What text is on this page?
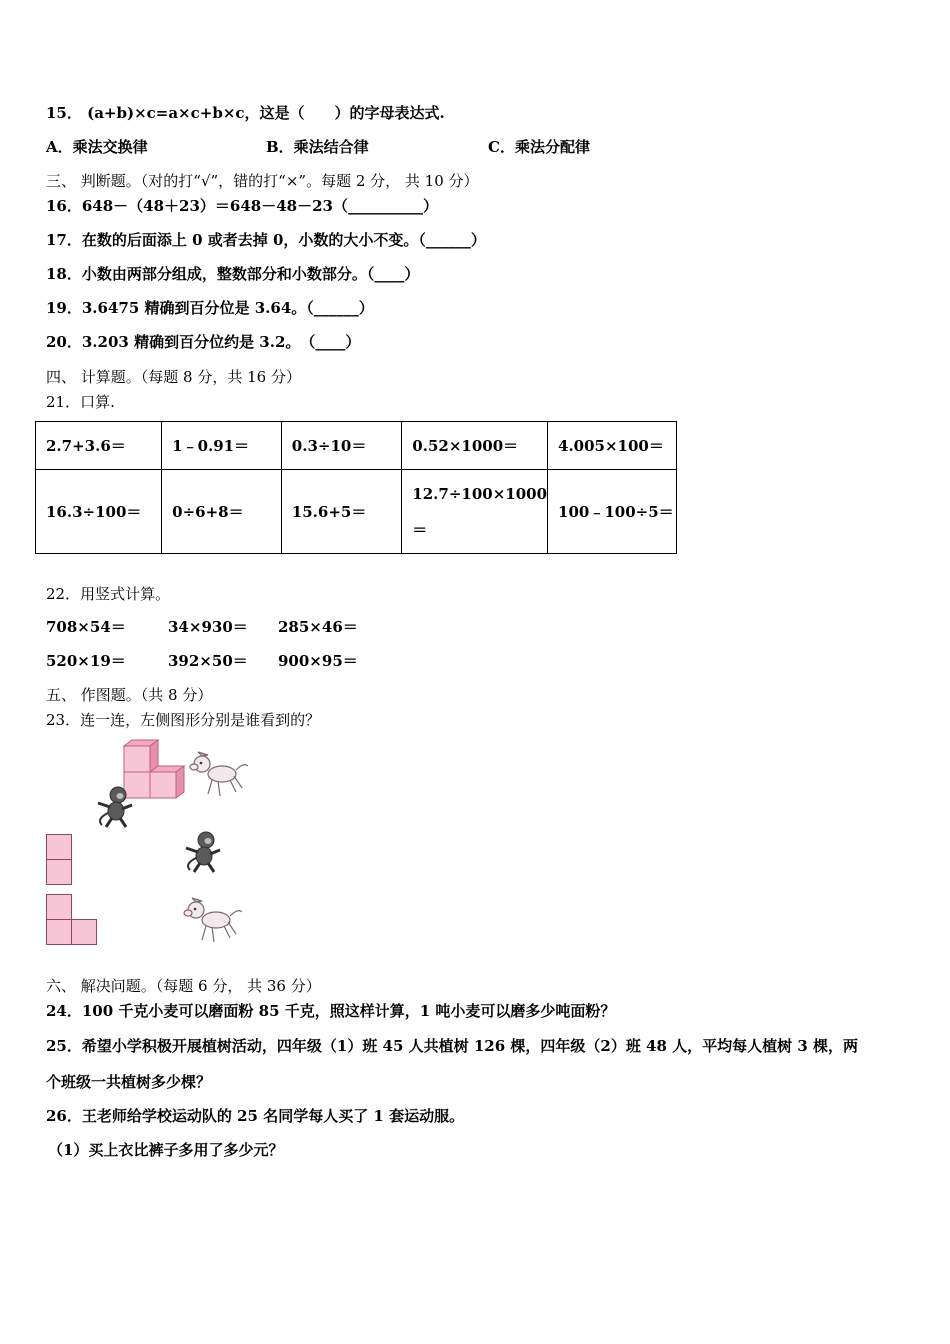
15． (a+b)×c=a×c+b×c，这是（　　）的字母表达式.
A．乘法交换律	B．乘法结合律	C．乘法分配律
三、 判断题。（对的打“√”，错的打“×”。每题 2 分， 共 10 分）
16．648－（48＋23）＝648－48－23（__________）
17．在数的后面添上 0 或者去掉 0，小数的大小不变。（______）
18．小数由两部分组成，整数部分和小数部分。（____）
19．3.6475 精确到百分位是 3.64。（______）
20．3.203 精确到百分位约是 3.2。　（____）
四、 计算题。（每题 8 分，共 16 分）
21．口算.
2.7+3.6＝	1﹣0.91＝	0.3÷10＝	0.52×1000＝	4.005×100＝
16.3÷100＝	0÷6+8＝	15.6+5＝	12.7÷100×1000
＝	100﹣100÷5＝
22．用竖式计算。
708×54＝	34×930＝ 285×46＝
520×19＝	392×50＝ 900×95＝
五、 作图题。（共 8 分）
23．连一连，左侧图形分别是谁看到的？
六、 解决问题。（每题 6 分， 共 36 分）
24．100 千克小麦可以磨面粉 85 千克，照这样计算，1 吨小麦可以磨多少吨面粉？
25．希望小学积极开展植树活动，四年级（1）班 45 人共植树 126 棵，四年级（2）班 48 人，平均每人植树 3 棵，两
个班级一共植树多少棵？
26．王老师给学校运动队的 25 名同学每人买了 1 套运动服。
（1）买上衣比裤子多用了多少元？
